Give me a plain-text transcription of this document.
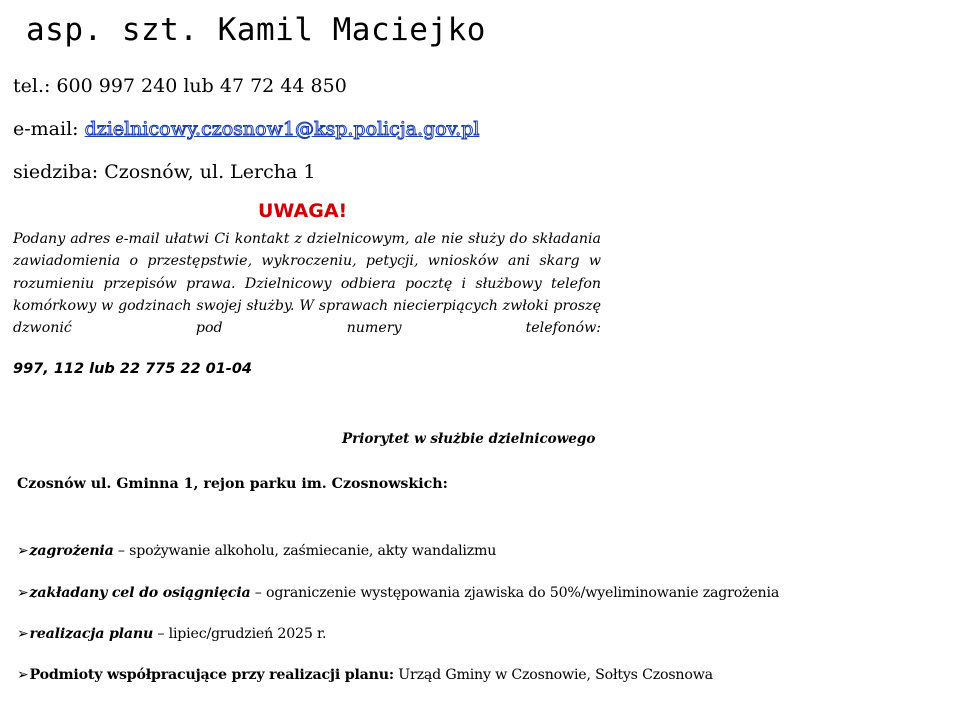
asp. szt. Kamil Maciejko
tel.: 600 997 240 lub 47 72 44 850
e-mail: dzielnicowy.czosnow1@ksp.policja.gov.pl
siedziba: Czosnów, ul. Lercha 1
UWAGA!
Podany adres e-mail ułatwi Ci kontakt z dzielnicowym, ale nie służy do składania zawiadomienia o przestępstwie, wykroczeniu, petycji, wniosków ani skarg w rozumieniu przepisów prawa. Dzielnicowy odbiera pocztę i służbowy telefon komórkowy w godzinach swojej służby. W sprawach niecierpiących zwłoki proszę dzwonić pod numery telefonów:
997, 112 lub 22 775 22 01-04
Priorytet w służbie dzielnicowego
Czosnów ul. Gminna 1, rejon parku im. Czosnowskich:
➢zagrożenia – spożywanie alkoholu, zaśmiecanie, akty wandalizmu
➢zakładany cel do osiągnięcia – ograniczenie występowania zjawiska do 50%/wyeliminowanie zagrożenia
➢realizacja planu – lipiec/grudzień 2025 r.
➢Podmioty współpracujące przy realizacji planu: Urząd Gminy w Czosnowie, Sołtys Czosnowa
